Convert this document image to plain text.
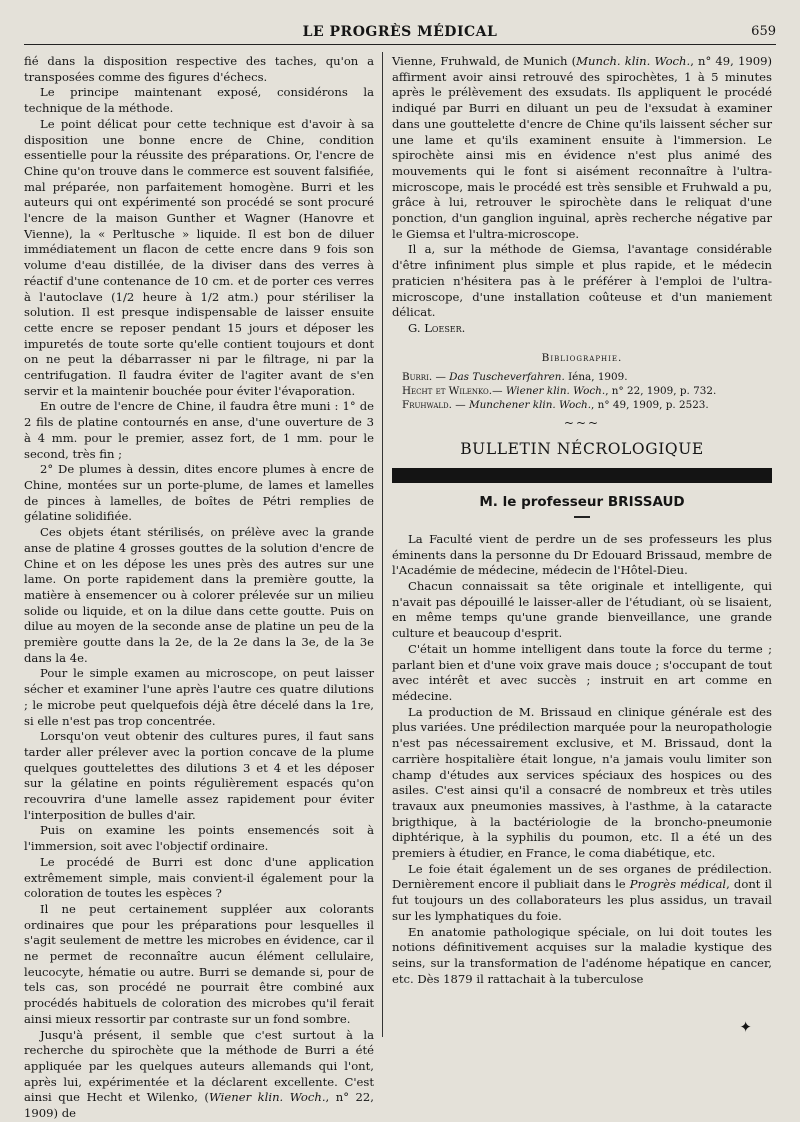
LE PROGRÈS MÉDICAL	659

fié dans la disposition respective des taches, qu'on a transposées comme des figures d'échecs.

Le principe maintenant exposé, considérons la technique de la méthode.

Le point délicat pour cette technique est d'avoir à sa disposition une bonne encre de Chine, condition essentielle pour la réussite des préparations. Or, l'encre de Chine qu'on trouve dans le commerce est souvent falsifiée, mal préparée, non parfaitement homogène. Burri et les auteurs qui ont expérimenté son procédé se sont procuré l'encre de la maison Gunther et Wagner (Hanovre et Vienne), la « Perltusche » liquide. Il est bon de diluer immédiatement un flacon de cette encre dans 9 fois son volume d'eau distillée, de la diviser dans des verres à réactif d'une contenance de 10 cm. et de porter ces verres à l'autoclave (1/2 heure à 1/2 atm.) pour stériliser la solution. Il est presque indispensable de laisser ensuite cette encre se reposer pendant 15 jours et déposer les impuretés de toute sorte qu'elle contient toujours et dont on ne peut la débarrasser ni par le filtrage, ni par la centrifugation. Il faudra éviter de l'agiter avant de s'en servir et la maintenir bouchée pour éviter l'évaporation.

En outre de l'encre de Chine, il faudra être muni : 1° de 2 fils de platine contournés en anse, d'une ouverture de 3 à 4 mm. pour le premier, assez fort, de 1 mm. pour le second, très fin ;

2° De plumes à dessin, dites encore plumes à encre de Chine, montées sur un porte-plume, de lames et lamelles de pinces à lamelles, de boîtes de Pétri remplies de gélatine solidifiée.

Ces objets étant stérilisés, on prélève avec la grande anse de platine 4 grosses gouttes de la solution d'encre de Chine et on les dépose les unes près des autres sur une lame. On porte rapidement dans la première goutte, la matière à ensemencer ou à colorer prélevée sur un milieu solide ou liquide, et on la dilue dans cette goutte. Puis on dilue au moyen de la seconde anse de platine un peu de la première goutte dans la 2e, de la 2e dans la 3e, de la 3e dans la 4e.

Pour le simple examen au microscope, on peut laisser sécher et examiner l'une après l'autre ces quatre dilutions ; le microbe peut quelquefois déjà être décelé dans la 1re, si elle n'est pas trop concentrée.

Lorsqu'on veut obtenir des cultures pures, il faut sans tarder aller prélever avec la portion concave de la plume quelques gouttelettes des dilutions 3 et 4 et les déposer sur la gélatine en points régulièrement espacés qu'on recouvrira d'une lamelle assez rapidement pour éviter l'interposition de bulles d'air.

Puis on examine les points ensemencés soit à l'immersion, soit avec l'objectif ordinaire.

Le procédé de Burri est donc d'une application extrêmement simple, mais convient-il également pour la coloration de toutes les espèces ?

Il ne peut certainement suppléer aux colorants ordinaires que pour les préparations pour lesquelles il s'agit seulement de mettre les microbes en évidence, car il ne permet de reconnaître aucun élément cellulaire, leucocyte, hématie ou autre. Burri se demande si, pour de tels cas, son procédé ne pourrait être combiné aux procédés habituels de coloration des microbes qu'il ferait ainsi mieux ressortir par contraste sur un fond sombre.

Jusqu'à présent, il semble que c'est surtout à la recherche du spirochète que la méthode de Burri a été appliquée par les quelques auteurs allemands qui l'ont, après lui, expérimentée et la déclarent excellente. C'est ainsi que Hecht et Wilenko, (Wiener klin. Woch., n° 22, 1909) de

Vienne, Fruhwald, de Munich (Munch. klin. Woch., n° 49, 1909) affirment avoir ainsi retrouvé des spirochètes, 1 à 5 minutes après le prélèvement des exsudats. Ils appliquent le procédé indiqué par Burri en diluant un peu de l'exsudat à examiner dans une gouttelette d'encre de Chine qu'ils laissent sécher sur une lame et qu'ils examinent ensuite à l'immersion. Le spirochète ainsi mis en évidence n'est plus animé des mouvements qui le font si aisément reconnaître à l'ultra-microscope, mais le procédé est très sensible et Fruhwald a pu, grâce à lui, retrouver le spirochète dans le reliquat d'une ponction, d'un ganglion inguinal, après recherche négative par le Giemsa et l'ultra-microscope.

Il a, sur la méthode de Giemsa, l'avantage considérable d'être infiniment plus simple et plus rapide, et le médecin praticien n'hésitera pas à le préférer à l'emploi de l'ultra-microscope, d'une installation coûteuse et d'un maniement délicat.

G. Loeser.

Bibliographie.
Burri. — Das Tuscheverfahren. Iéna, 1909.
Hecht et Wilenko.— Wiener klin. Woch., n° 22, 1909, p. 732.
Fruhwald. — Munchener klin. Woch., n° 49, 1909, p. 2523.
~~~
BULLETIN NÉCROLOGIQUE
M. le professeur BRISSAUD

La Faculté vient de perdre un de ses professeurs les plus éminents dans la personne du Dr Edouard Brissaud, membre de l'Académie de médecine, médecin de l'Hôtel-Dieu.

Chacun connaissait sa tête originale et intelligente, qui n'avait pas dépouillé le laisser-aller de l'étudiant, où se lisaient, en même temps qu'une grande bienveillance, une grande culture et beaucoup d'esprit.

C'était un homme intelligent dans toute la force du terme ; parlant bien et d'une voix grave mais douce ; s'occupant de tout avec intérêt et avec succès ; instruit en art comme en médecine.

La production de M. Brissaud en clinique générale est des plus variées. Une prédilection marquée pour la neuropathologie n'est pas nécessairement exclusive, et M. Brissaud, dont la carrière hospitalière était longue, n'a jamais voulu limiter son champ d'études aux services spéciaux des hospices ou des asiles. C'est ainsi qu'il a consacré de nombreux et très utiles travaux aux pneumonies massives, à l'asthme, à la cataracte brigthique, à la bactériologie de la broncho-pneumonie diphtérique, à la syphilis du poumon, etc. Il a été un des premiers à étudier, en France, le coma diabétique, etc.

Le foie était également un de ses organes de prédilection. Dernièrement encore il publiait dans le Progrès médical, dont il fut toujours un des collaborateurs les plus assidus, un travail sur les lymphatiques du foie.

En anatomie pathologique spéciale, on lui doit toutes les notions définitivement acquises sur la maladie kystique des seins, sur la transformation de l'adénome hépatique en cancer, etc. Dès 1879 il rattachait à la tuberculose

✦
